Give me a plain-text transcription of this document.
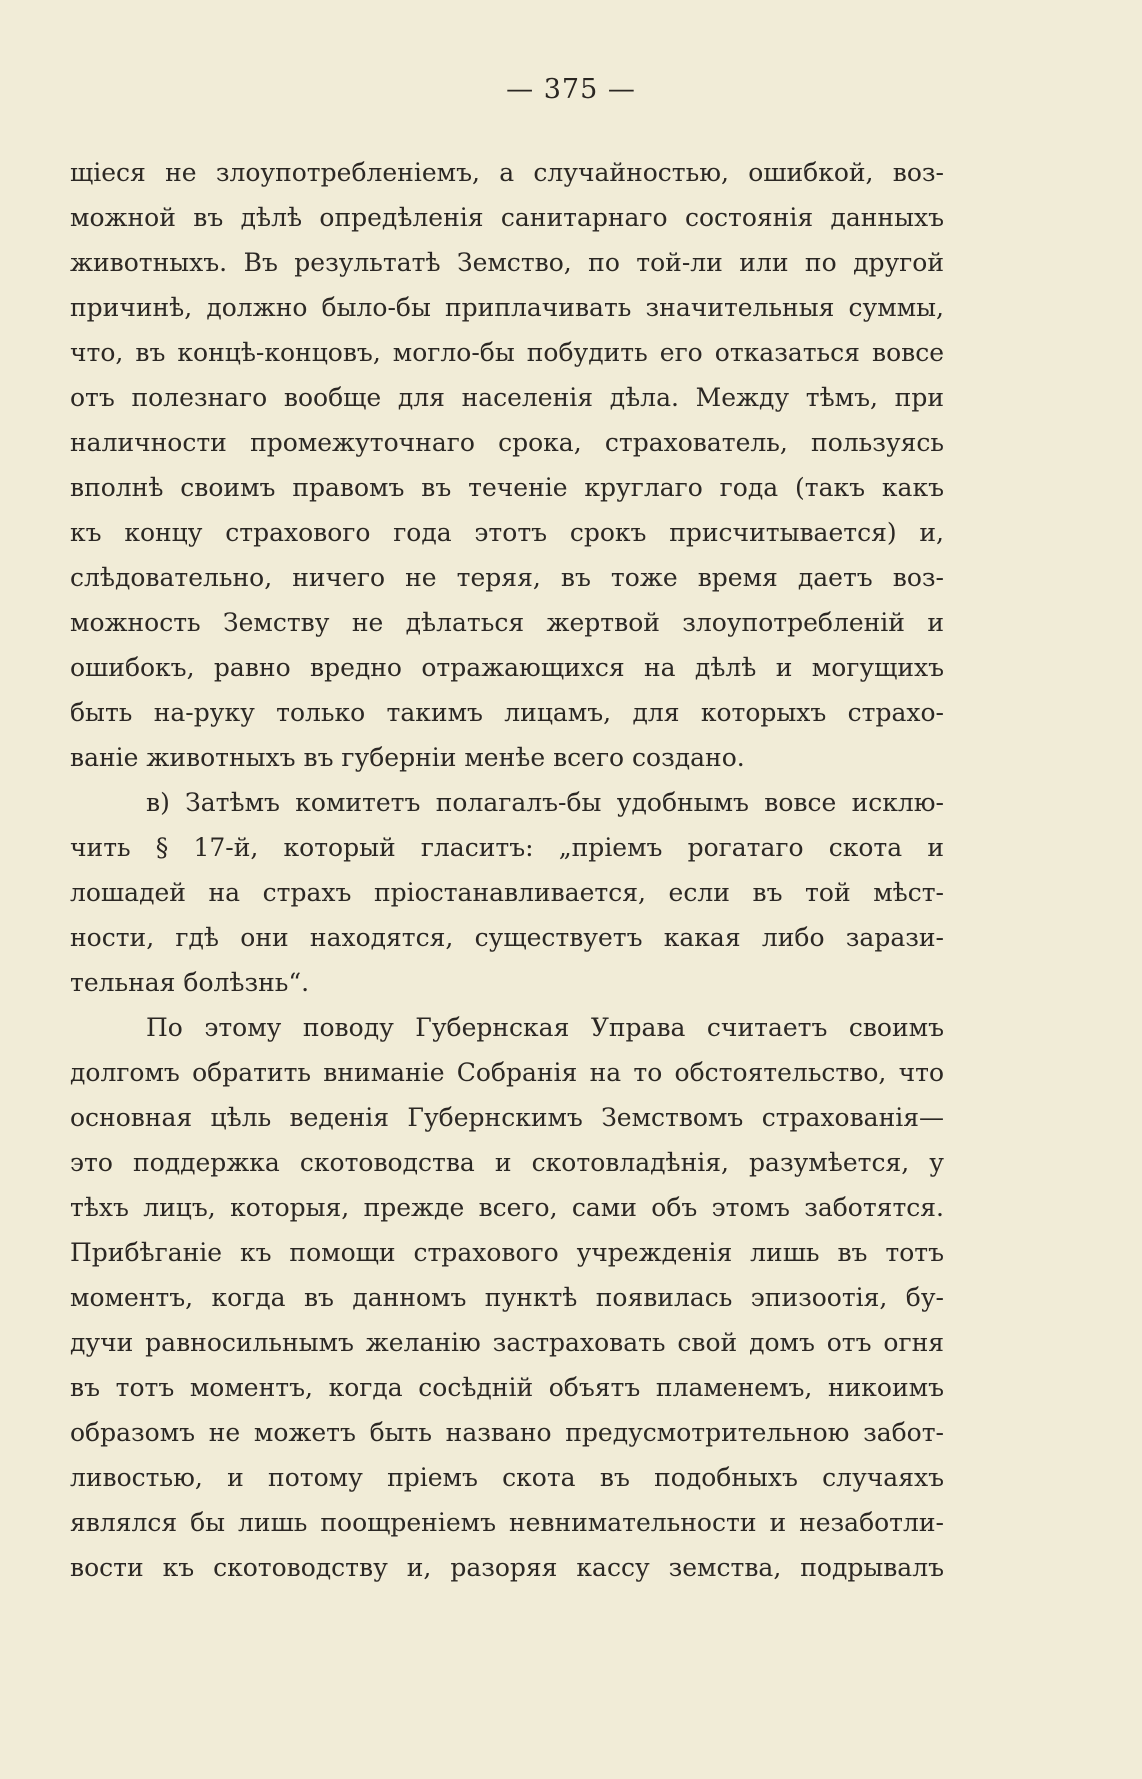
— 375 —
щіеся не злоупотребленіемъ, а случайностью, ошибкой, воз-
можной въ дѣлѣ опредѣленія санитарнаго состоянія данныхъ
животныхъ. Въ результатѣ Земство, по той-ли или по другой
причинѣ, должно было-бы приплачивать значительныя суммы,
что, въ концѣ-концовъ, могло-бы побудить его отказаться вовсе
отъ полезнаго вообще для населенія дѣла. Между тѣмъ, при
наличности промежуточнаго срока, страхователь, пользуясь
вполнѣ своимъ правомъ въ теченіе круглаго года (такъ какъ
къ концу страхового года этотъ срокъ присчитывается) и,
слѣдовательно, ничего не теряя, въ тоже время даетъ воз-
можность Земству не дѣлаться жертвой злоупотребленій и
ошибокъ, равно вредно отражающихся на дѣлѣ и могущихъ
быть на-руку только такимъ лицамъ, для которыхъ страхо-
ваніе животныхъ въ губерніи менѣе всего создано.
в) Затѣмъ комитетъ полагалъ-бы удобнымъ вовсе исклю-
чить § 17-й, который гласитъ: „пріемъ рогатаго скота и
лошадей на страхъ пріостанавливается, если въ той мѣст-
ности, гдѣ они находятся, существуетъ какая либо зарази-
тельная болѣзнь“.
По этому поводу Губернская Управа считаетъ своимъ
долгомъ обратить вниманіе Собранія на то обстоятельство, что
основная цѣль веденія Губернскимъ Земствомъ страхованія—
это поддержка скотоводства и скотовладѣнія, разумѣется, у
тѣхъ лицъ, которыя, прежде всего, сами объ этомъ заботятся.
Прибѣганіе къ помощи страхового учрежденія лишь въ тотъ
моментъ, когда въ данномъ пунктѣ появилась эпизоотія, бу-
дучи равносильнымъ желанію застраховать свой домъ отъ огня
въ тотъ моментъ, когда сосѣдній объятъ пламенемъ, никоимъ
образомъ не можетъ быть названо предусмотрительною забот-
ливостью, и потому пріемъ скота въ подобныхъ случаяхъ
являлся бы лишь поощреніемъ невнимательности и незаботли-
вости къ скотоводству и, разоряя кассу земства, подрывалъ
